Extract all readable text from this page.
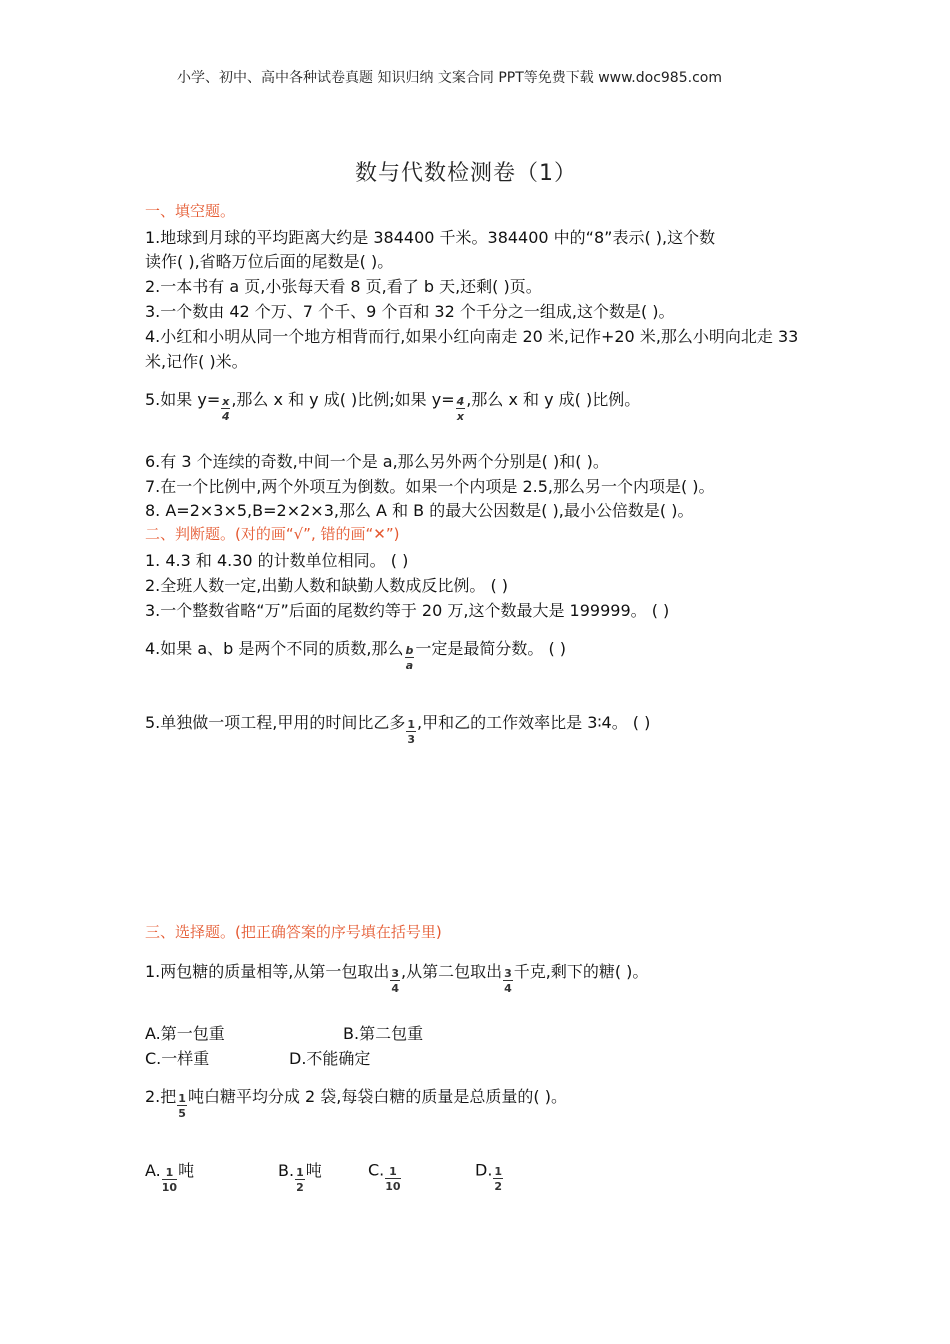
小学、初中、高中各种试卷真题 知识归纳 文案合同 PPT等免费下载 www.doc985.com
数与代数检测卷（1）
一、填空题。
1.地球到月球的平均距离大约是 384400 千米。384400 中的“8”表示( ),这个数
读作( ),省略万位后面的尾数是( )。
2.一本书有 a 页,小张每天看 8 页,看了 b 天,还剩( )页。
3.一个数由 42 个万、7 个千、9 个百和 32 个千分之一组成,这个数是( )。
4.小红和小明从同一个地方相背而行,如果小红向南走 20 米,记作+20 米,那么小明向北走 33
米,记作( )米。
5.如果 $y= \frac{x}{4}$ ,那么 x 和 y 成( )比例;如果 $y= \frac{4}{x}$ ,那么 x 和 y 成( )比例。
6.有 3 个连续的奇数,中间一个是 a,那么另外两个分别是( )和( )。
7.在一个比例中,两个外项互为倒数。如果一个内项是 2.5,那么另一个内项是( )。
8. A=2×3×5,B=2×2×3,那么 A 和 B 的最大公因数是( ),最小公倍数是( )。
二、判断题。(对的画“√”, 错的画“✕”)
1. 4.3 和 4.30 的计数单位相同。 ( )
2.全班人数一定,出勤人数和缺勤人数成反比例。 ( )
3.一个整数省略“万”后面的尾数约等于 20 万,这个数最大是 199999。 ( )
4.如果 a、b 是两个不同的质数,那么 $\frac{b}{a}$ 一定是最简分数。 ( )
5.单独做一项工程,甲用的时间比乙多 $\frac{1}{3}$ ,甲和乙的工作效率比是 3∶4。 ( )
三、选择题。(把正确答案的序号填在括号里)
1.两包糖的质量相等,从第一包取出 $\frac{3}{4}$ ,从第二包取出 $\frac{3}{4}$ 千克,剩下的糖( )。
A.第一包重	B.第二包重
C.一样重	D.不能确定
2.把 $\frac{1}{5}$ 吨白糖平均分成 2 袋,每袋白糖的质量是总质量的( )。
A. $\frac{1}{10}$ 吨	B. $\frac{1}{2}$ 吨	C. $\frac{1}{10}$	D. $\frac{1}{2}$
